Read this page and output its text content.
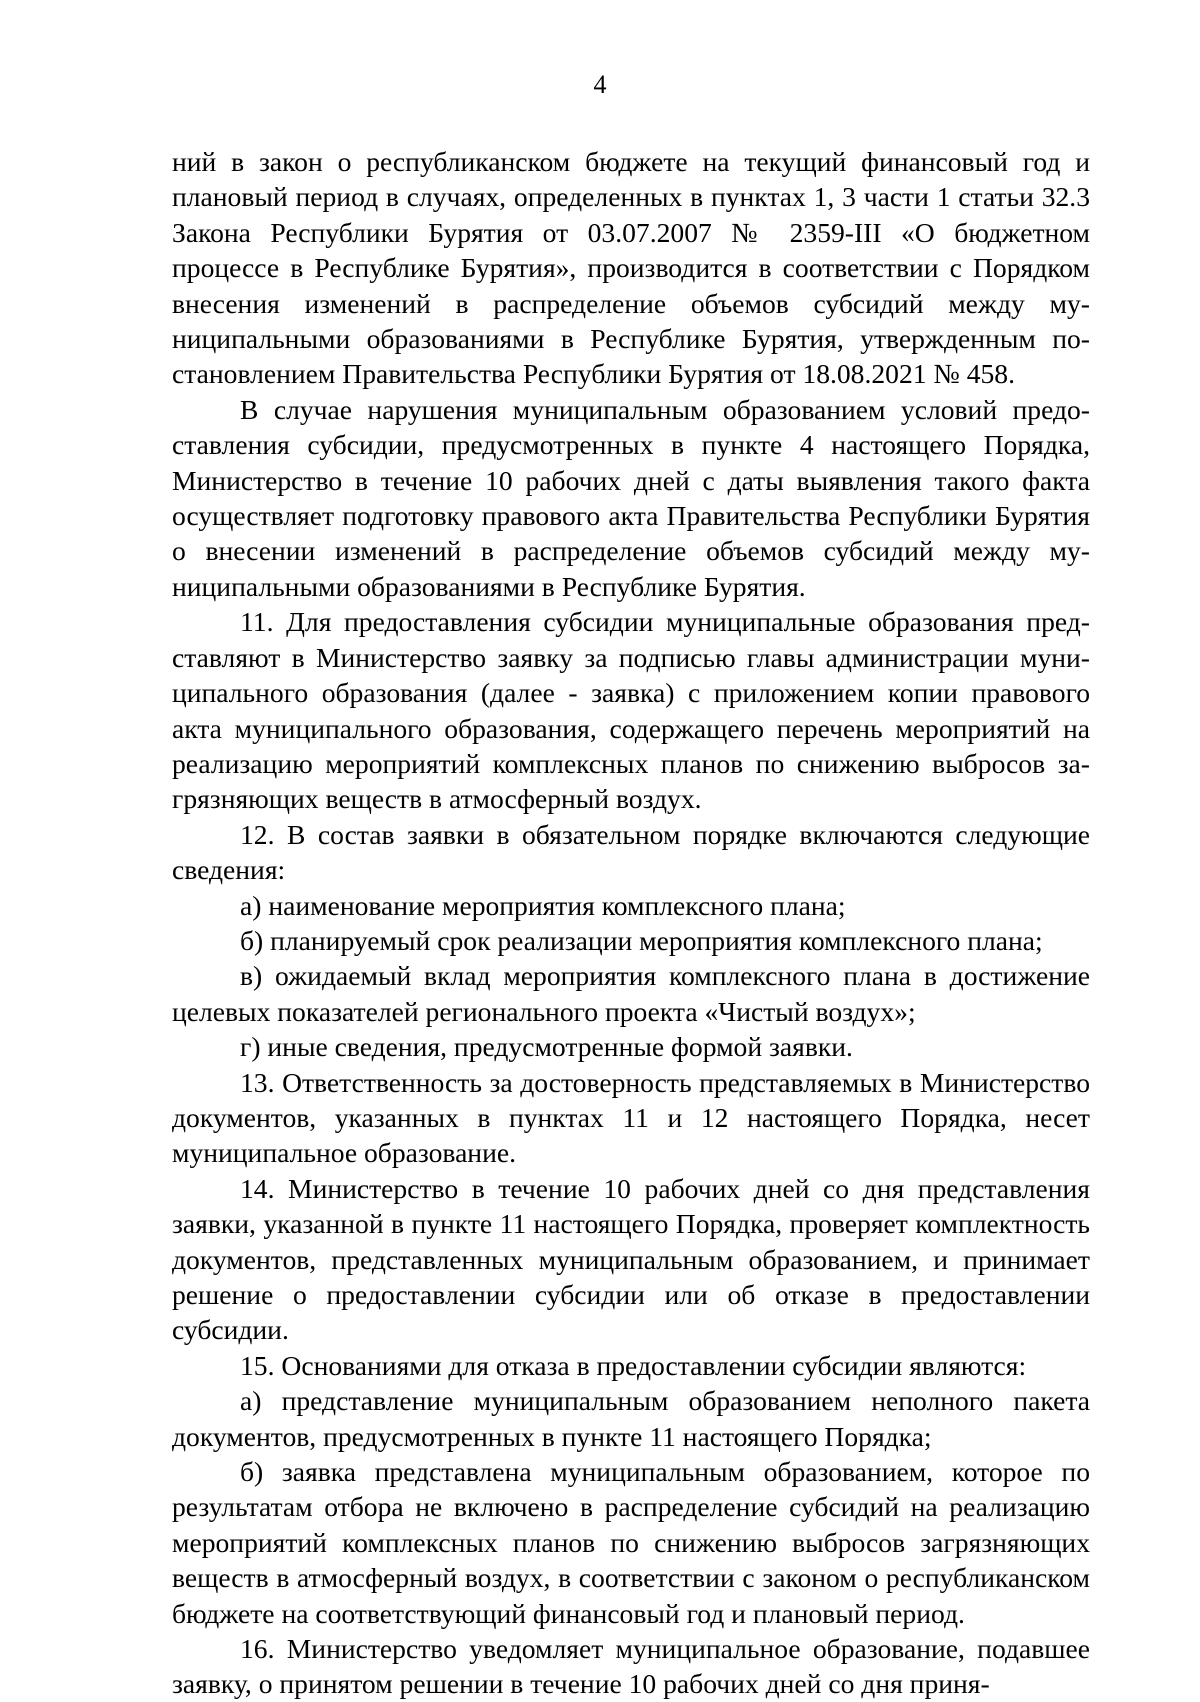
4

ний в закон о республиканском бюджете на текущий финансовый год и плановый период в случаях, определенных в пунктах 1, 3 части 1 статьи 32.3 Закона Республики Бурятия от 03.07.2007 № 2359-III «О бюджетном процессе в Республике Бурятия», производится в соответствии с Порядком внесения изменений в распределение объемов субсидий между муниципальными образованиями в Республике Бурятия, утвержденным постановлением Правительства Республики Бурятия от 18.08.2021 № 458.

В случае нарушения муниципальным образованием условий предоставления субсидии, предусмотренных в пункте 4 настоящего Порядка, Министерство в течение 10 рабочих дней с даты выявления такого факта осуществляет подготовку правового акта Правительства Республики Бурятия о внесении изменений в распределение объемов субсидий между муниципальными образованиями в Республике Бурятия.

11. Для предоставления субсидии муниципальные образования представляют в Министерство заявку за подписью главы администрации муниципального образования (далее - заявка) с приложением копии правового акта муниципального образования, содержащего перечень мероприятий на реализацию мероприятий комплексных планов по снижению выбросов загрязняющих веществ в атмосферный воздух.

12. В состав заявки в обязательном порядке включаются следующие сведения:

а) наименование мероприятия комплексного плана;

б) планируемый срок реализации мероприятия комплексного плана;

в) ожидаемый вклад мероприятия комплексного плана в достижение целевых показателей регионального проекта «Чистый воздух»;

г) иные сведения, предусмотренные формой заявки.

13. Ответственность за достоверность представляемых в Министерство документов, указанных в пунктах 11 и 12 настоящего Порядка, несет муниципальное образование.

14. Министерство в течение 10 рабочих дней со дня представления заявки, указанной в пункте 11 настоящего Порядка, проверяет комплектность документов, представленных муниципальным образованием, и принимает решение о предоставлении субсидии или об отказе в предоставлении субсидии.

15. Основаниями для отказа в предоставлении субсидии являются:

а) представление муниципальным образованием неполного пакета документов, предусмотренных в пункте 11 настоящего Порядка;

б) заявка представлена муниципальным образованием, которое по результатам отбора не включено в распределение субсидий на реализацию мероприятий комплексных планов по снижению выбросов загрязняющих веществ в атмосферный воздух, в соответствии с законом о республиканском бюджете на соответствующий финансовый год и плановый период.

16. Министерство уведомляет муниципальное образование, подавшее заявку, о принятом решении в течение 10 рабочих дней со дня приня-
